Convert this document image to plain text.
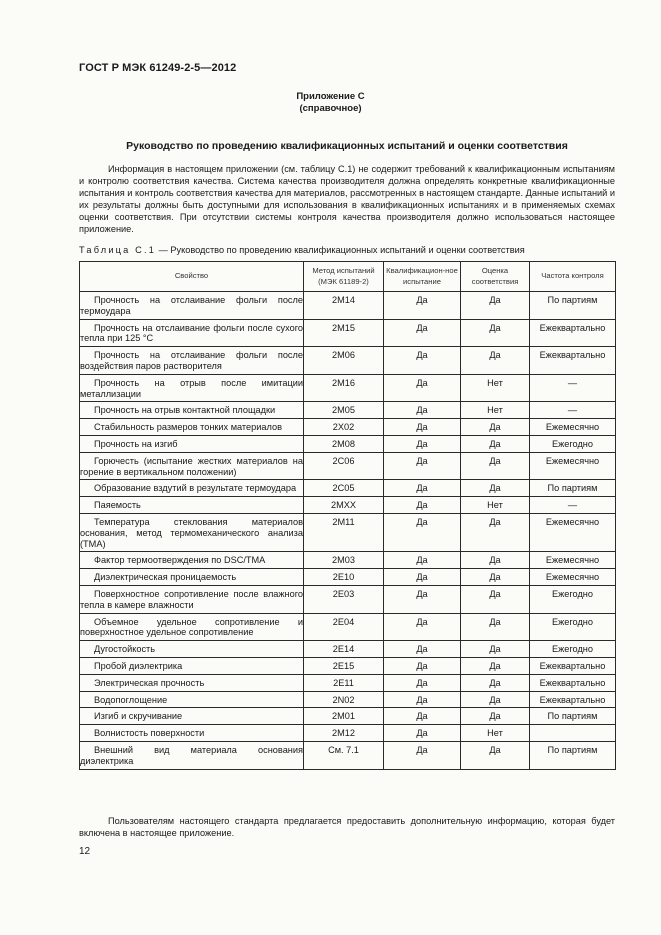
ГОСТ Р МЭК 61249-2-5—2012
Приложение С
(справочное)
Руководство по проведению квалификационных испытаний и оценки соответствия

Информация в настоящем приложении (см. таблицу С.1) не содержит требований к квалификационным испытаниям и контролю соответствия качества. Система качества производителя должна определять конкретные квалификационные испытания и контроль соответствия качества для материалов, рассмотренных в настоящем стандарте. Данные испытаний и их результаты должны быть доступными для использования в квалификационных испытаниях и в применяемых схемах оценки соответствия. При отсутствии системы контроля качества производителя должно использоваться настоящее приложение.

Таблица С.1 — Руководство по проведению квалификационных испытаний и оценки соответствия
Свойство	Метод испытаний (МЭК 61189-2)	Квалификацион-ное испытание	Оценка соответствия	Частота контроля
Прочность на отслаивание фольги после термоудара	2М14	Да	Да	По партиям
Прочность на отслаивание фольги после сухого тепла при 125 °С	2М15	Да	Да	Ежеквартально
Прочность на отслаивание фольги после воздействия паров растворителя	2М06	Да	Да	Ежеквартально
Прочность на отрыв после имитации металлизации	2М16	Да	Нет	—
Прочность на отрыв контактной площадки	2М05	Да	Нет	—
Стабильность размеров тонких материалов	2Х02	Да	Да	Ежемесячно
Прочность на изгиб	2М08	Да	Да	Ежегодно
Горючесть (испытание жестких материалов на горение в вертикальном положении)	2С06	Да	Да	Ежемесячно
Образование вздутий в результате термоудара	2С05	Да	Да	По партиям
Паяемость	2МХХ	Да	Нет	—
Температура стеклования материалов основания, метод термомеханического анализа (ТМА)	2М11	Да	Да	Ежемесячно
Фактор термоотверждения по DSC/TMA	2М03	Да	Да	Ежемесячно
Диэлектрическая проницаемость	2Е10	Да	Да	Ежемесячно
Поверхностное сопротивление после влажного тепла в камере влажности	2Е03	Да	Да	Ежегодно
Объемное удельное сопротивление и поверхностное удельное сопротивление	2Е04	Да	Да	Ежегодно
Дугостойкость	2Е14	Да	Да	Ежегодно
Пробой диэлектрика	2Е15	Да	Да	Ежеквартально
Электрическая прочность	2Е11	Да	Да	Ежеквартально
Водопоглощение	2N02	Да	Да	Ежеквартально
Изгиб и скручивание	2М01	Да	Да	По партиям
Волнистость поверхности	2М12	Да	Нет	
Внешний вид материала основания диэлектрика	См. 7.1	Да	Да	По партиям

Пользователям настоящего стандарта предлагается предоставить дополнительную информацию, которая будет включена в настоящее приложение.

12
